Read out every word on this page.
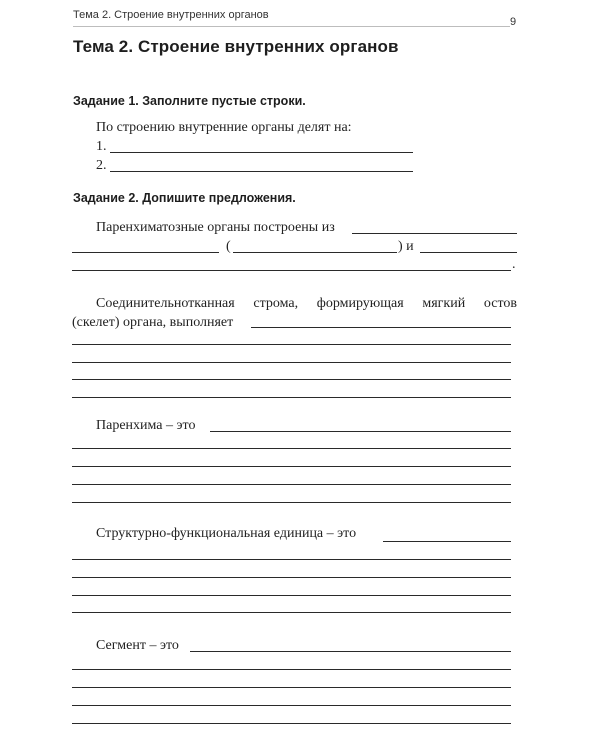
Тема 2. Строение внутренних органов
9
Тема 2. Строение внутренних органов
Задание 1. Заполните пустые строки.
По строению внутренние органы делят на:
1.
2.
Задание 2. Допишите предложения.
Паренхиматозные органы построены из
(	) и
.
Соединительнотканная строма, формирующая мягкий остов
(скелет) органа, выполняет
Паренхима – это
Структурно-функциональная единица – это
Сегмент – это
